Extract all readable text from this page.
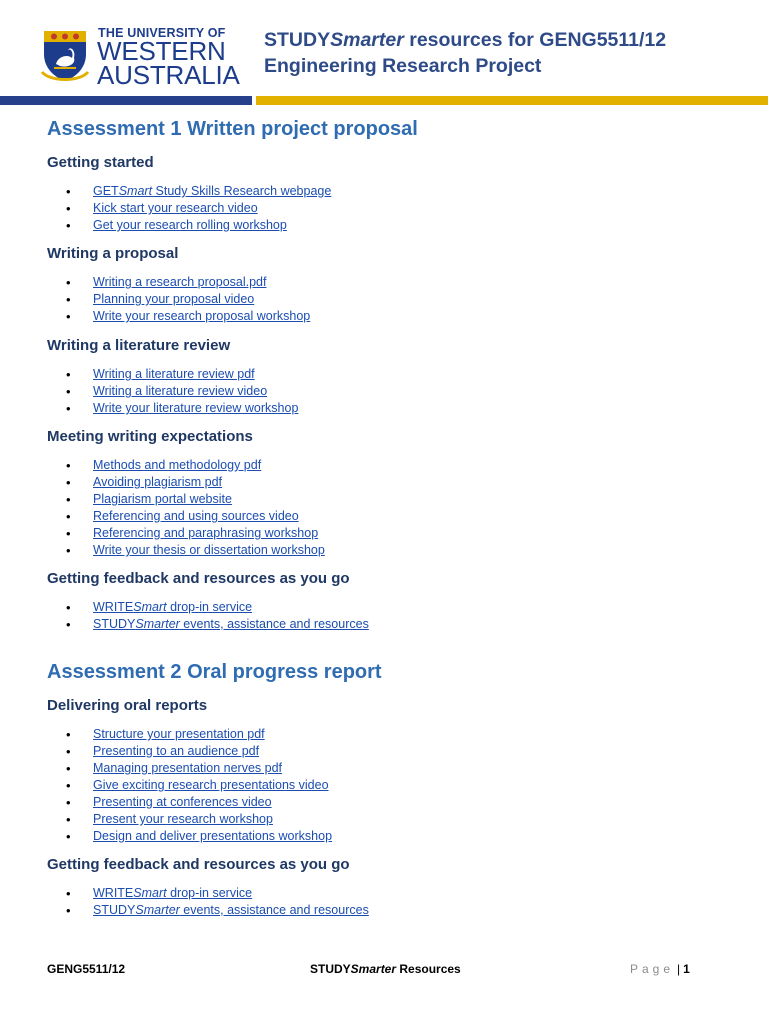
THE UNIVERSITY OF
WESTERN
AUSTRALIA
STUDYSmarter resources for GENG5511/12
Engineering Research Project
Assessment 1 Written project proposal
Getting started
• GETSmart Study Skills Research webpage
• Kick start your research video
• Get your research rolling workshop
Writing a proposal
• Writing a research proposal.pdf
• Planning your proposal video
• Write your research proposal workshop
Writing a literature review
• Writing a literature review pdf
• Writing a literature review video
• Write your literature review workshop
Meeting writing expectations
• Methods and methodology pdf
• Avoiding plagiarism pdf
• Plagiarism portal website
• Referencing and using sources video
• Referencing and paraphrasing workshop
• Write your thesis or dissertation workshop
Getting feedback and resources as you go
• WRITESmart drop-in service
• STUDYSmarter events, assistance and resources
Assessment 2 Oral progress report
Delivering oral reports
• Structure your presentation pdf
• Presenting to an audience pdf
• Managing presentation nerves pdf
• Give exciting research presentations video
• Presenting at conferences video
• Present your research workshop
• Design and deliver presentations workshop
Getting feedback and resources as you go
• WRITESmart drop-in service
• STUDYSmarter events, assistance and resources
GENG5511/12	STUDYSmarter Resources	Page | 1
